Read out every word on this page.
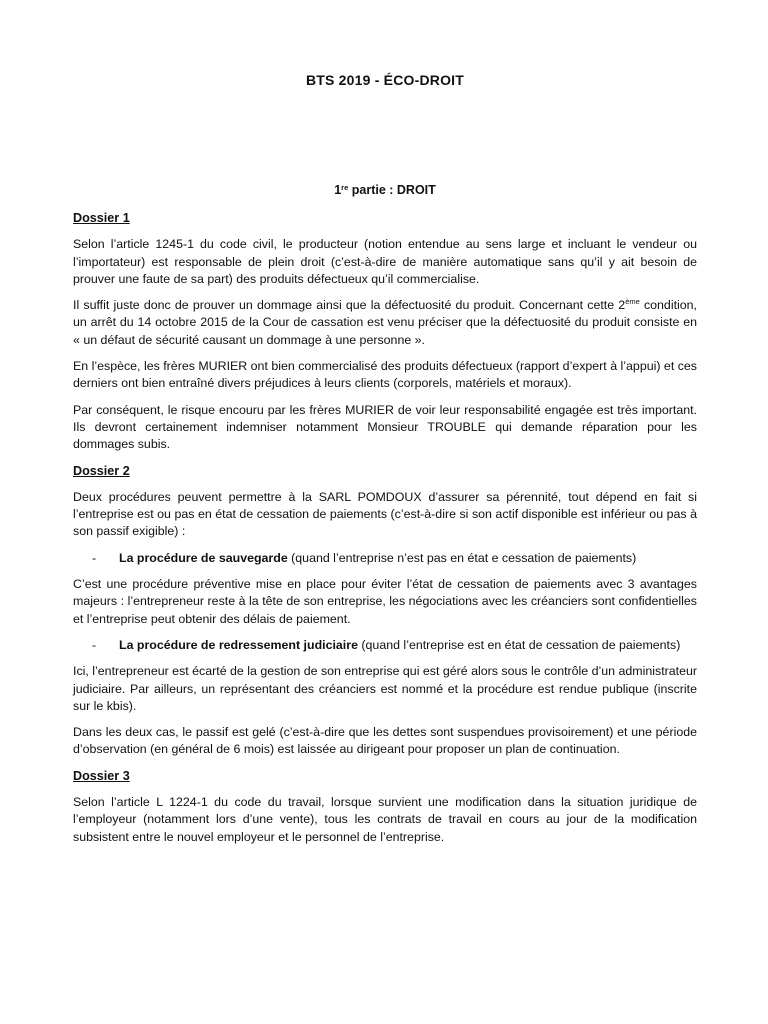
BTS 2019 - ÉCO-DROIT
1re partie : DROIT
Dossier 1

Selon l’article 1245-1 du code civil, le producteur (notion entendue au sens large et incluant le vendeur ou l’importateur) est responsable de plein droit (c’est-à-dire de manière automatique sans qu’il y ait besoin de prouver une faute de sa part) des produits défectueux qu’il commercialise.

Il suffit juste donc de prouver un dommage ainsi que la défectuosité du produit. Concernant cette 2ème condition, un arrêt du 14 octobre 2015 de la Cour de cassation est venu préciser que la défectuosité du produit consiste en « un défaut de sécurité causant un dommage à une personne ».

En l’espèce, les frères MURIER ont bien commercialisé des produits défectueux (rapport d’expert à l’appui) et ces derniers ont bien entraîné divers préjudices à leurs clients (corporels, matériels et moraux).

Par conséquent, le risque encouru par les frères MURIER de voir leur responsabilité engagée est très important. Ils devront certainement indemniser notamment Monsieur TROUBLE qui demande réparation pour les dommages subis.

Dossier 2

Deux procédures peuvent permettre à la SARL POMDOUX d’assurer sa pérennité, tout dépend en fait si l’entreprise est ou pas en état de cessation de paiements (c’est-à-dire si son actif disponible est inférieur ou pas à son passif exigible) :

-	La procédure de sauvegarde (quand l’entreprise n’est pas en état e cessation de paiements)

C’est une procédure préventive mise en place pour éviter l’état de cessation de paiements avec 3 avantages majeurs : l’entrepreneur reste à la tête de son entreprise, les négociations avec les créanciers sont confidentielles et l’entreprise peut obtenir des délais de paiement.

-	La procédure de redressement judiciaire (quand l’entreprise est en état de cessation de paiements)

Ici, l’entrepreneur est écarté de la gestion de son entreprise qui est géré alors sous le contrôle d’un administrateur judiciaire. Par ailleurs, un représentant des créanciers est nommé et la procédure est rendue publique (inscrite sur le kbis).

Dans les deux cas, le passif est gelé (c’est-à-dire que les dettes sont suspendues provisoirement) et une période d’observation (en général de 6 mois) est laissée au dirigeant pour proposer un plan de continuation.

Dossier 3

Selon l’article L 1224-1 du code du travail, lorsque survient une modification dans la situation juridique de l’employeur (notamment lors d’une vente), tous les contrats de travail en cours au jour de la modification subsistent entre le nouvel employeur et le personnel de l’entreprise.
